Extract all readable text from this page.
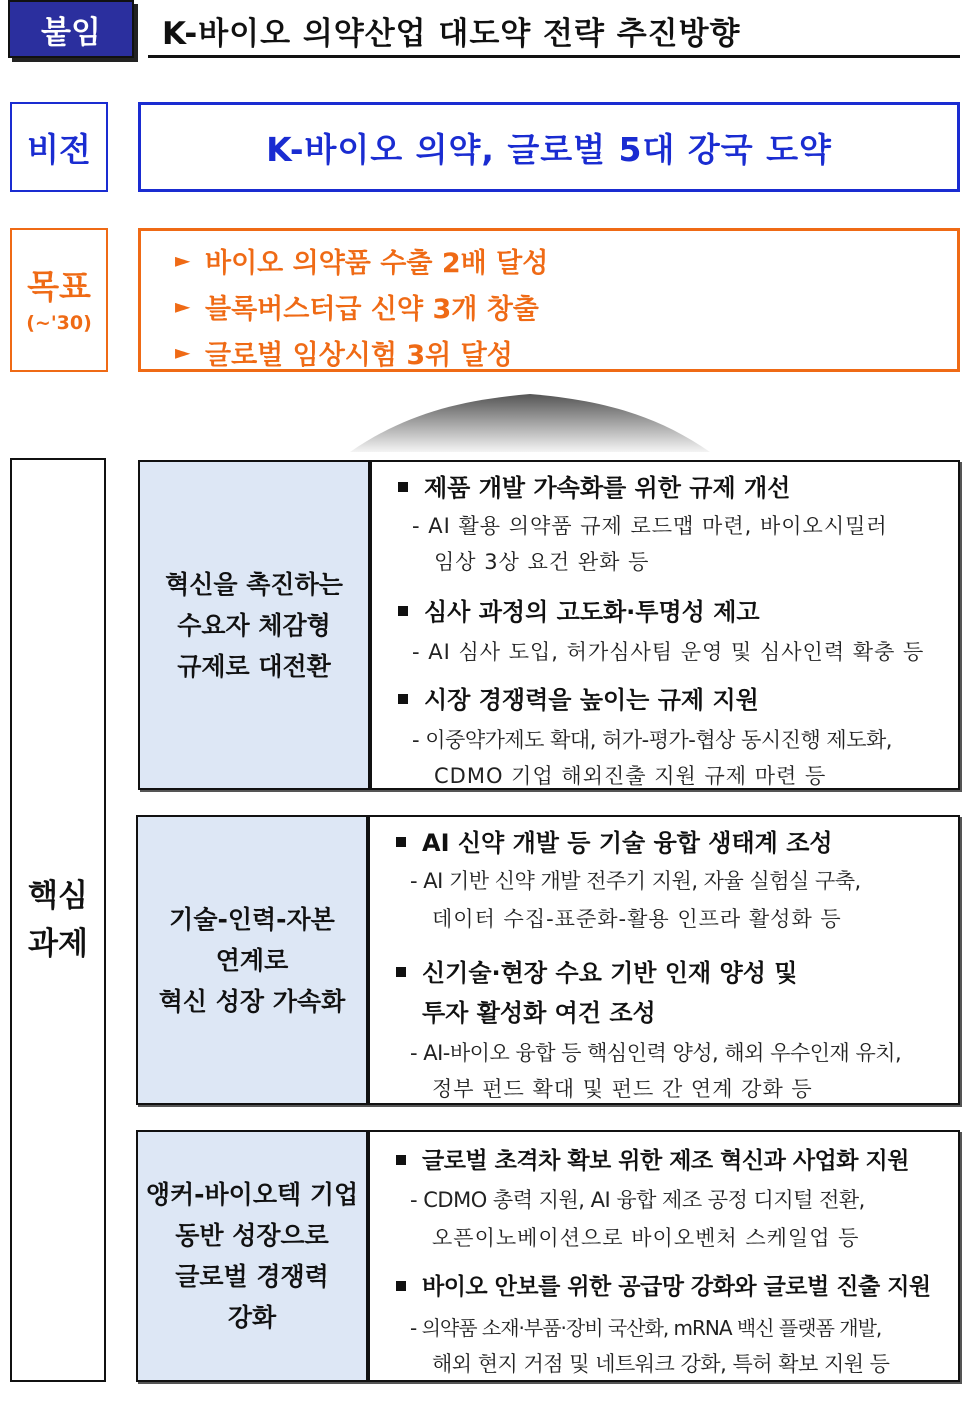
붙임	K-바이오 의약산업 대도약 전략 추진방향
비전	K-바이오 의약, 글로벌 5대 강국 도약
목표
(~'30)
► 바이오 의약품 수출 2배 달성
► 블록버스터급 신약 3개 창출
► 글로벌 임상시험 3위 달성
핵심
과제
혁신을 촉진하는
수요자 체감형
규제로 대전환
제품 개발 가속화를 위한 규제 개선
- AI 활용 의약품 규제 로드맵 마련, 바이오시밀러
임상 3상 요건 완화 등
심사 과정의 고도화·투명성 제고
- AI 심사 도입, 허가심사팀 운영 및 심사인력 확충 등
시장 경쟁력을 높이는 규제 지원
- 이중약가제도 확대, 허가-평가-협상 동시진행 제도화,
CDMO 기업 해외진출 지원 규제 마련 등
기술-인력-자본
연계로
혁신 성장 가속화
AI 신약 개발 등 기술 융합 생태계 조성
- AI 기반 신약 개발 전주기 지원, 자율 실험실 구축,
데이터 수집-표준화-활용 인프라 활성화 등
신기술·현장 수요 기반 인재 양성 및
투자 활성화 여건 조성
- AI-바이오 융합 등 핵심인력 양성, 해외 우수인재 유치,
정부 펀드 확대 및 펀드 간 연계 강화 등
앵커-바이오텍 기업
동반 성장으로
글로벌 경쟁력
강화
글로벌 초격차 확보 위한 제조 혁신과 사업화 지원
- CDMO 총력 지원, AI 융합 제조 공정 디지털 전환,
오픈이노베이션으로 바이오벤처 스케일업 등
바이오 안보를 위한 공급망 강화와 글로벌 진출 지원
- 의약품 소재·부품·장비 국산화, mRNA 백신 플랫폼 개발,
해외 현지 거점 및 네트워크 강화, 특허 확보 지원 등
